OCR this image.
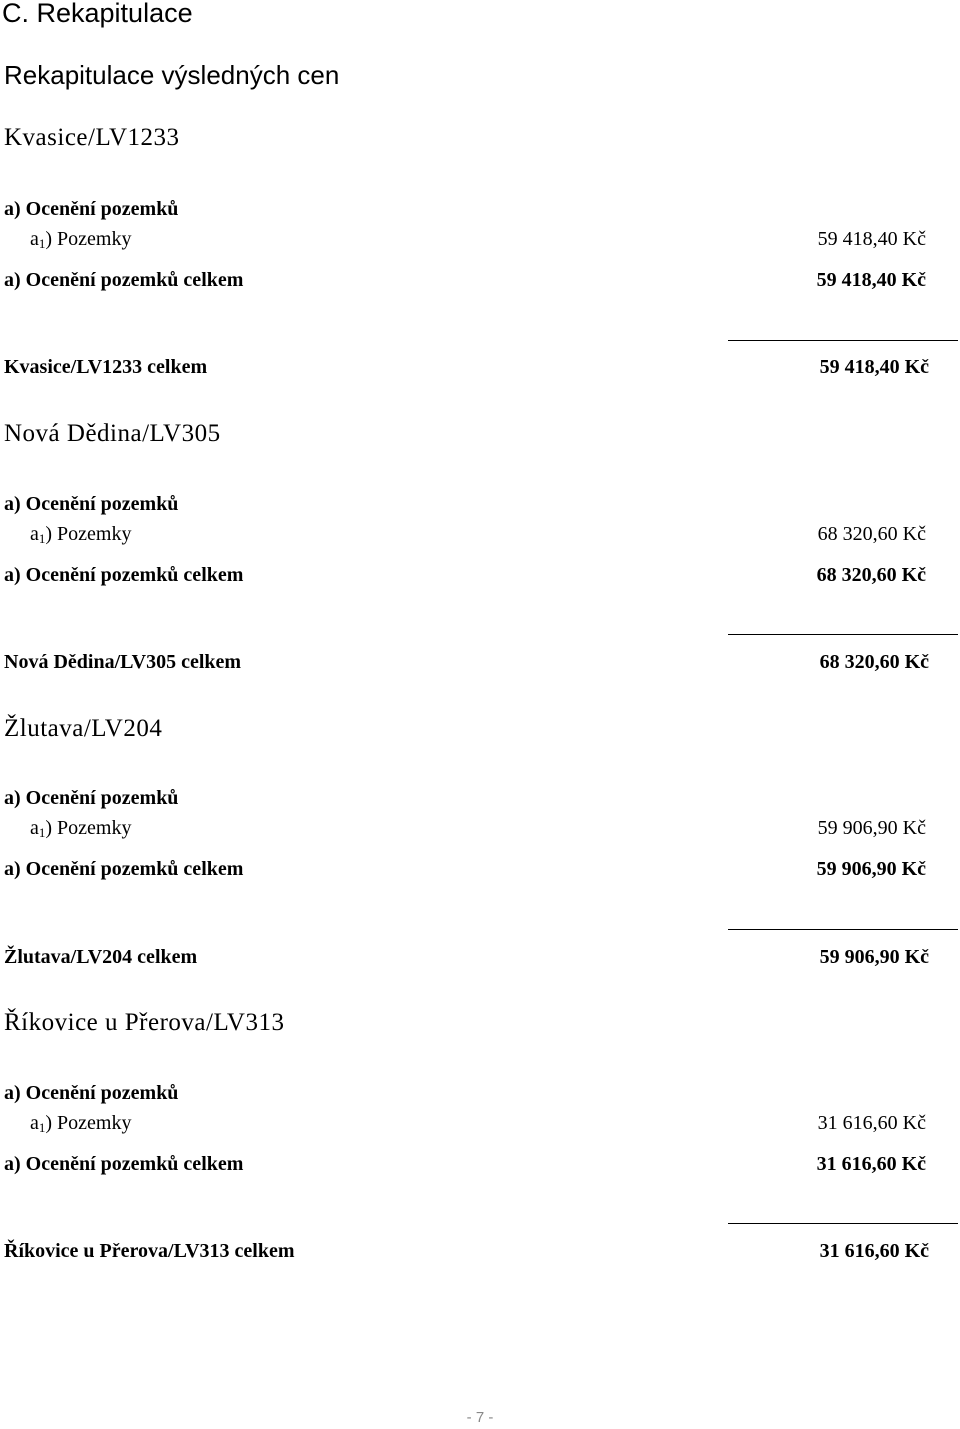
C. Rekapitulace
Rekapitulace výsledných cen
Kvasice/LV1233
a) Ocenění pozemků
$a_1$) Pozemky	59 418,40 Kč
a) Ocenění pozemků celkem	59 418,40 Kč
Kvasice/LV1233 celkem	59 418,40 Kč
Nová Dědina/LV305
a) Ocenění pozemků
$a_1$) Pozemky	68 320,60 Kč
a) Ocenění pozemků celkem	68 320,60 Kč
Nová Dědina/LV305 celkem	68 320,60 Kč
Žlutava/LV204
a) Ocenění pozemků
$a_1$) Pozemky	59 906,90 Kč
a) Ocenění pozemků celkem	59 906,90 Kč
Žlutava/LV204 celkem	59 906,90 Kč
Říkovice u Přerova/LV313
a) Ocenění pozemků
$a_1$) Pozemky	31 616,60 Kč
a) Ocenění pozemků celkem	31 616,60 Kč
Říkovice u Přerova/LV313 celkem	31 616,60 Kč
- 7 -
